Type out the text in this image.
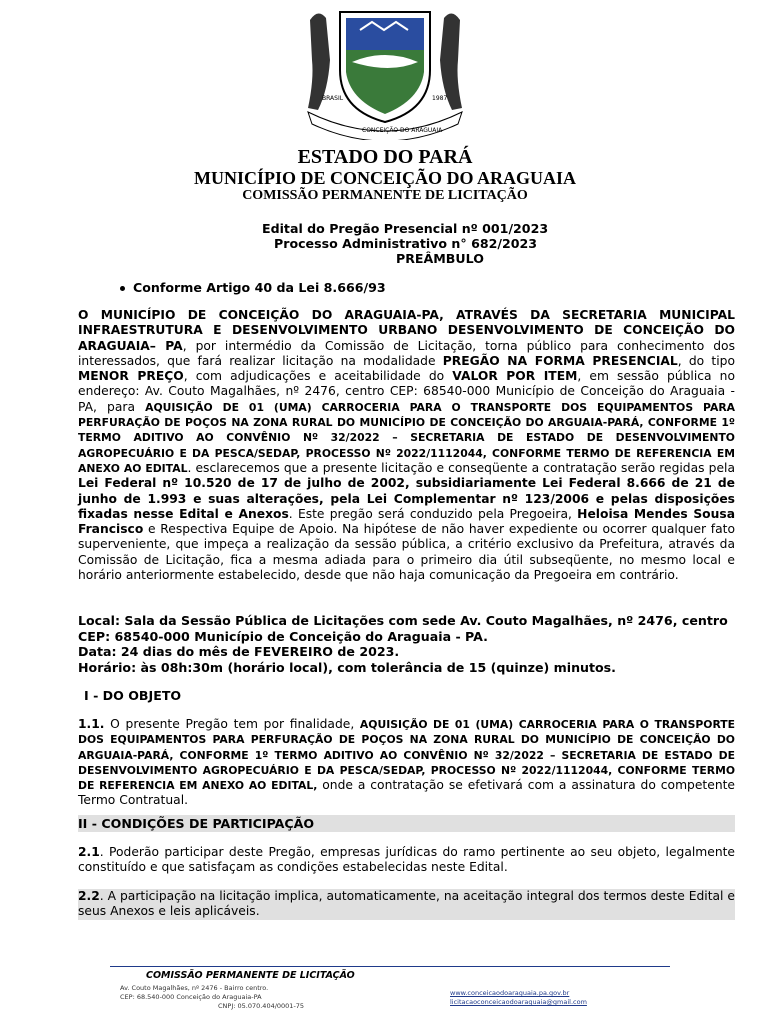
BRASIL	1987
CONCEIÇÃO DO ARAGUAIA
ESTADO DO PARÁ
MUNICÍPIO DE CONCEIÇÃO DO ARAGUAIA
COMISSÃO PERMANENTE DE LICITAÇÃO
Edital do Pregão Presencial nº 001/2023
Processo Administrativo n° 682/2023
PREÂMBULO
Conforme Artigo 40 da Lei 8.666/93

O MUNICÍPIO DE CONCEIÇÃO DO ARAGUAIA-PA, ATRAVÉS DA SECRETARIA MUNICIPAL INFRAESTRUTURA E DESENVOLVIMENTO URBANO DESENVOLVIMENTO DE CONCEIÇÃO DO ARAGUAIA– PA, por intermédio da Comissão de Licitação, torna público para conhecimento dos interessados, que fará realizar licitação na modalidade PREGÃO NA FORMA PRESENCIAL, do tipo MENOR PREÇO, com adjudicações e aceitabilidade do VALOR POR ITEM, em sessão pública no endereço: Av. Couto Magalhães, nº 2476, centro CEP: 68540-000 Município de Conceição do Araguaia - PA, para AQUISIÇÃO DE 01 (UMA) CARROCERIA PARA O TRANSPORTE DOS EQUIPAMENTOS PARA PERFURAÇÃO DE POÇOS NA ZONA RURAL DO MUNICÍPIO DE CONCEIÇÃO DO ARGUAIA-PARÁ, CONFORME 1º TERMO ADITIVO AO CONVÊNIO Nº 32/2022 – SECRETARIA DE ESTADO DE DESENVOLVIMENTO AGROPECUÁRIO E DA PESCA/SEDAP, PROCESSO Nº 2022/1112044, CONFORME TERMO DE REFERENCIA EM ANEXO AO EDITAL. esclarecemos que a presente licitação e conseqüente a contratação serão regidas pela Lei Federal nº 10.520 de 17 de julho de 2002, subsidiariamente Lei Federal 8.666 de 21 de junho de 1.993 e suas alterações, pela Lei Complementar nº 123/2006 e pelas disposições fixadas nesse Edital e Anexos. Este pregão será conduzido pela Pregoeira, Heloisa Mendes Sousa Francisco e Respectiva Equipe de Apoio. Na hipótese de não haver expediente ou ocorrer qualquer fato superveniente, que impeça a realização da sessão pública, a critério exclusivo da Prefeitura, através da Comissão de Licitação, fica a mesma adiada para o primeiro dia útil subseqüente, no mesmo local e horário anteriormente estabelecido, desde que não haja comunicação da Pregoeira em contrário.

Local: Sala da Sessão Pública de Licitações com sede Av. Couto Magalhães, nº 2476, centro CEP: 68540-000 Município de Conceição do Araguaia - PA.
Data: 24 dias do mês de FEVEREIRO de 2023.
Horário: às 08h:30m (horário local), com tolerância de 15 (quinze) minutos.
I - DO OBJETO

1.1. O presente Pregão tem por finalidade, AQUISIÇÃO DE 01 (UMA) CARROCERIA PARA O TRANSPORTE DOS EQUIPAMENTOS PARA PERFURAÇÃO DE POÇOS NA ZONA RURAL DO MUNICÍPIO DE CONCEIÇÃO DO ARGUAIA-PARÁ, CONFORME 1º TERMO ADITIVO AO CONVÊNIO Nº 32/2022 – SECRETARIA DE ESTADO DE DESENVOLVIMENTO AGROPECUÁRIO E DA PESCA/SEDAP, PROCESSO Nº 2022/1112044, CONFORME TERMO DE REFERENCIA EM ANEXO AO EDITAL, onde a contratação se efetivará com a assinatura do competente Termo Contratual.

II - CONDIÇÕES DE PARTICIPAÇÃO

2.1. Poderão participar deste Pregão, empresas jurídicas do ramo pertinente ao seu objeto, legalmente constituído e que satisfaçam as condições estabelecidas neste Edital.

2.2. A participação na licitação implica, automaticamente, na aceitação integral dos termos deste Edital e seus Anexos e leis aplicáveis.

COMISSÃO PERMANENTE DE LICITAÇÃO
Av. Couto Magalhães, nº 2476 - Bairro centro.
CEP: 68.540-000 Conceição do Araguaia-PA
CNPJ: 05.070.404/0001-75
www.conceicaodoaraguaia.pa.gov.br
licitacaoconceicaodoaraguaia@gmail.com
